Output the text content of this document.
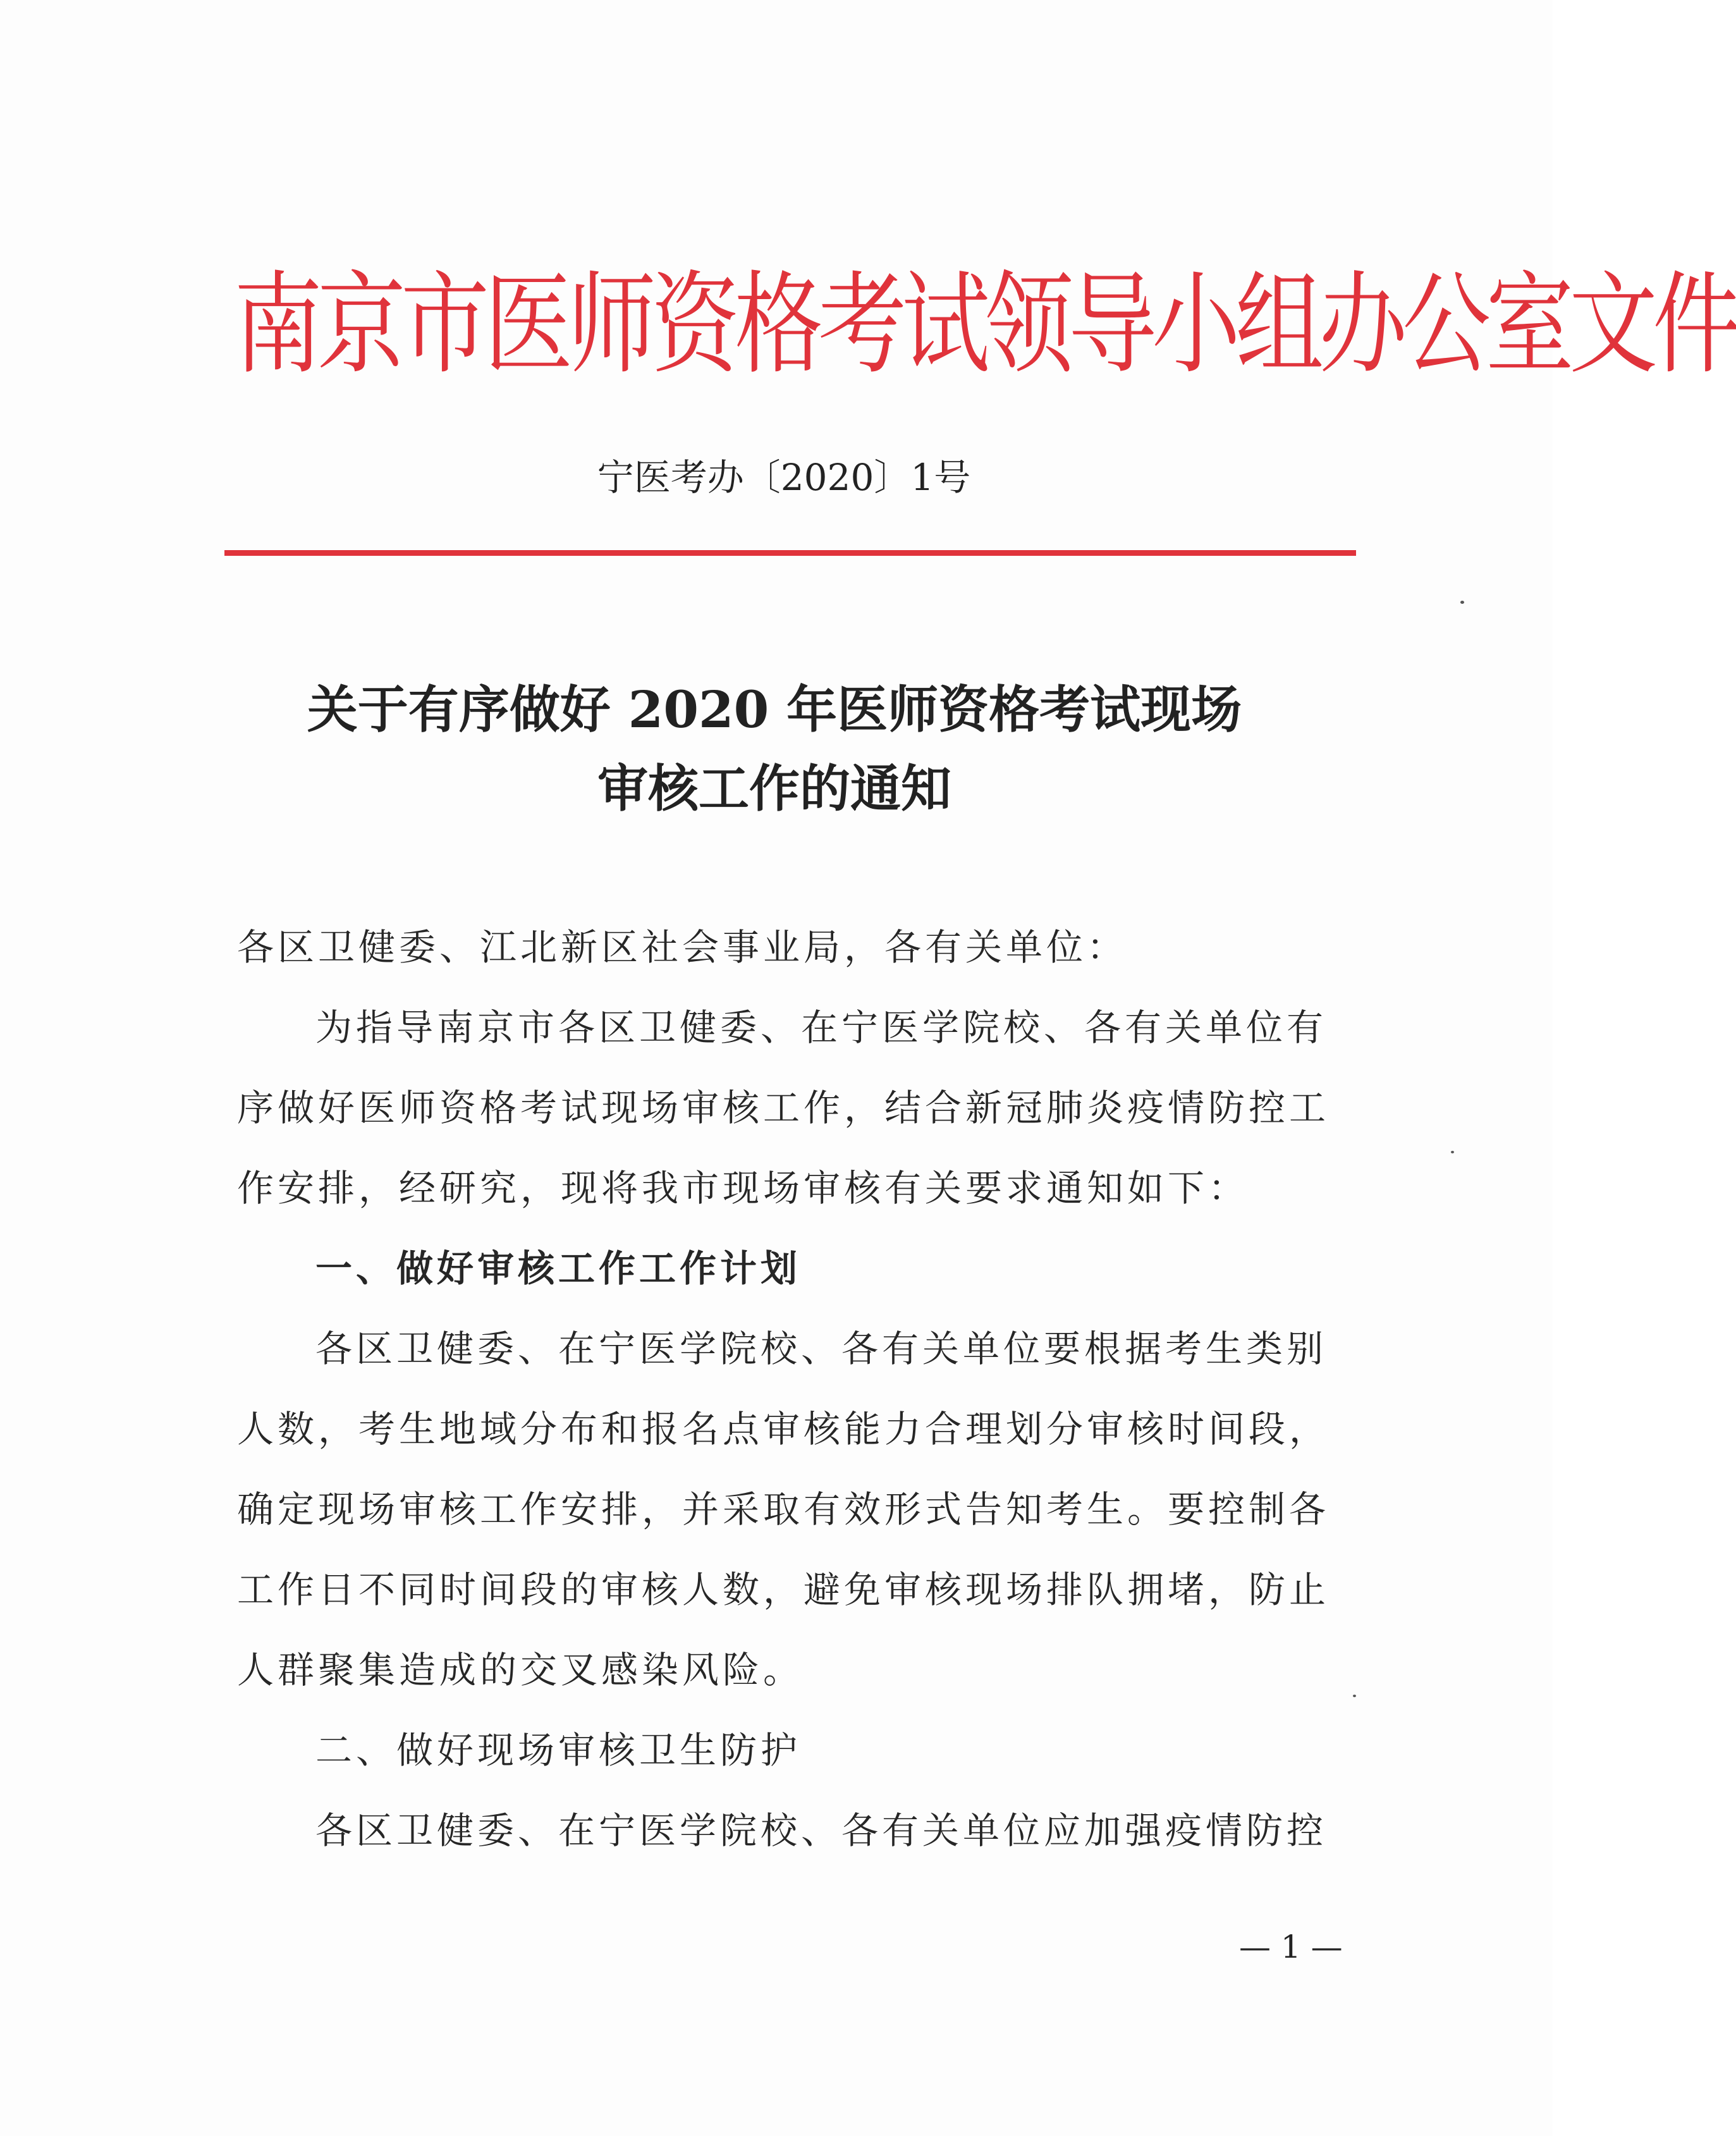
南京市医师资格考试领导小组办公室文件
宁医考办〔2020〕1号
关于有序做好 2020 年医师资格考试现场
审核工作的通知
各区卫健委、江北新区社会事业局，各有关单位：
为指导南京市各区卫健委、在宁医学院校、各有关单位有
序做好医师资格考试现场审核工作，结合新冠肺炎疫情防控工
作安排，经研究，现将我市现场审核有关要求通知如下：
一、做好审核工作工作计划
各区卫健委、在宁医学院校、各有关单位要根据考生类别
人数，考生地域分布和报名点审核能力合理划分审核时间段，
确定现场审核工作安排，并采取有效形式告知考生。要控制各
工作日不同时间段的审核人数，避免审核现场排队拥堵，防止
人群聚集造成的交叉感染风险。
二、做好现场审核卫生防护
各区卫健委、在宁医学院校、各有关单位应加强疫情防控
— 1 —
